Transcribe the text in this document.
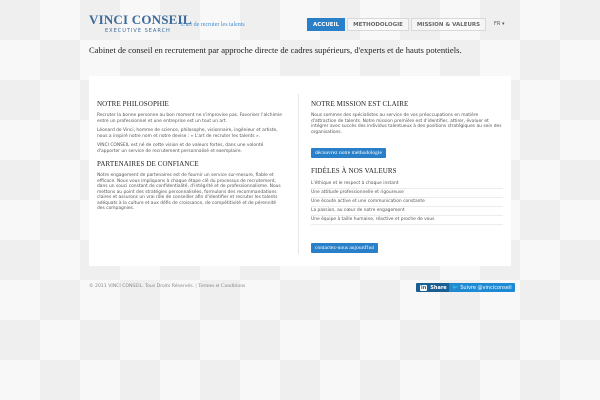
VINCI CONSEIL
EXECUTIVE SEARCH
L'art de recruter les talents	ACCUEIL	METHODOLOGIE	MISSION & VALEURS	FR ▾
Cabinet de conseil en recrutement par approche directe de cadres supérieurs, d'experts et de hauts potentiels.
NOTRE PHILOSOPHIE

Recruter la bonne personne au bon moment ne s'improvise pas. Favoriser l'alchimie entre un professionnel et une entreprise est un tout un art.

Léonard de Vinci, homme de science, philosophe, visionnaire, ingénieur et artiste, nous a inspiré notre nom et notre devise : « L'art de recruter les talents ».

VINCI CONSEIL est né de cette vision et de valeurs fortes, dans une volonté d'apporter un service de recrutement personnalisé et exemplaire.

PARTENAIRES DE CONFIANCE

Notre engagement de partenaires est de fournir un service sur-mesure, fiable et efficace. Nous vous impliquons à chaque étape clé du processus de recrutement, dans un souci constant de confidentialité, d'intégrité et de professionnalisme. Nous mettons au point des stratégies personnalisées, formulons des recommandations claires et assurons un vrai rôle de conseiller afin d'identifier et recruter les talents adéquats à la culture et aux défis de croissance, de compétitivité et de pérennité des compagnies.

NOTRE MISSION EST CLAIRE

Nous sommes des spécialistes au service de vos préoccupations en matière d'attraction de talents. Notre mission première est d'identifier, attirer, évaluer et intégrer avec succès des individus talentueux à des positions stratégiques au sein des organisations.

découvrez notre méthodologie
FIDÈLES À NOS VALEURS
L'éthique et le respect à chaque instant
Une attitude professionnelle et rigoureuse
Une écoute active et une communication constante
La passion, au cœur de notre engagement
Une équipe à taille humaine, réactive et proche de vous
contactez-nous aujourd'hui
© 2011 VINCI CONSEIL. Tous Droits Réservés. | Termes et Conditions	in Share 🐦 Suivre @vinciconseil
